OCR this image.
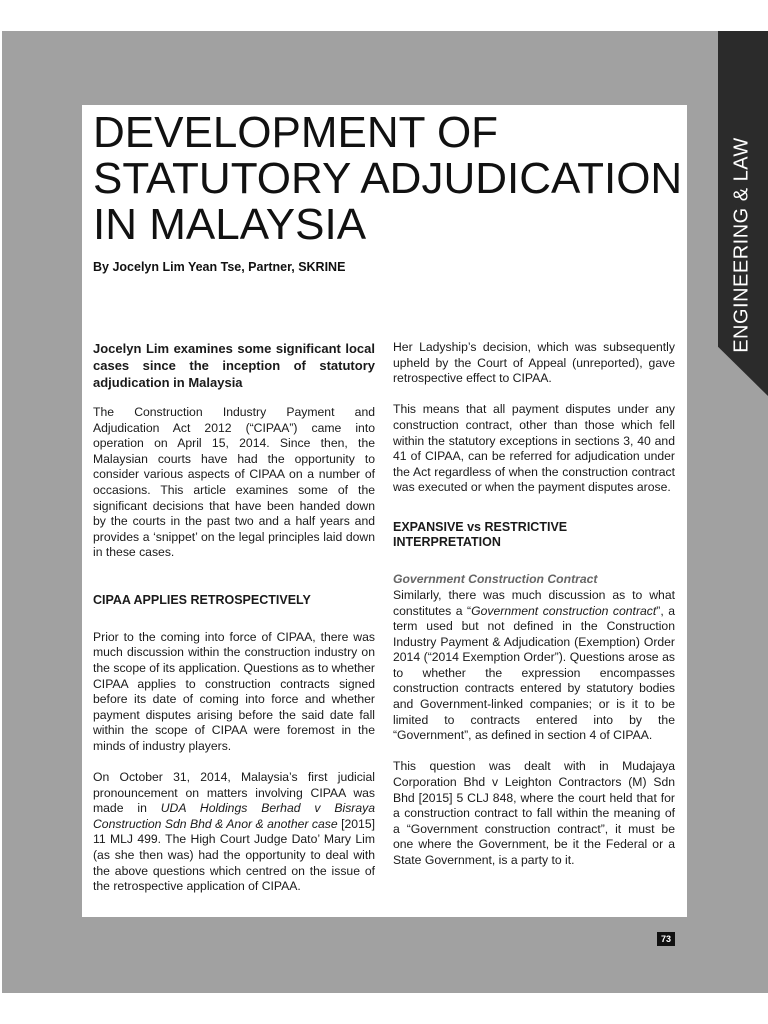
ENGINEERING & LAW
DEVELOPMENT OF
STATUTORY ADJUDICATION
IN MALAYSIA
By Jocelyn Lim Yean Tse, Partner, SKRINE

Jocelyn Lim examines some significant local cases since the inception of statutory adjudication in Malaysia

The Construction Industry Payment and Adjudication Act 2012 (“CIPAA”) came into operation on April 15, 2014. Since then, the Malaysian courts have had the opportunity to consider various aspects of CIPAA on a number of occasions. This article examines some of the significant decisions that have been handed down by the courts in the past two and a half years and provides a ‘snippet’ on the legal principles laid down in these cases.

CIPAA APPLIES RETROSPECTIVELY

Prior to the coming into force of CIPAA, there was much discussion within the construction industry on the scope of its application. Questions as to whether CIPAA applies to construction contracts signed before its date of coming into force and whether payment disputes arising before the said date fall within the scope of CIPAA were foremost in the minds of industry players.

On October 31, 2014, Malaysia’s first judicial pronouncement on matters involving CIPAA was made in UDA Holdings Berhad v Bisraya Construction Sdn Bhd & Anor & another case [2015] 11 MLJ 499. The High Court Judge Dato’ Mary Lim (as she then was) had the opportunity to deal with the above questions which centred on the issue of the retrospective application of CIPAA.

Her Ladyship’s decision, which was subsequently upheld by the Court of Appeal (unreported), gave retrospective effect to CIPAA.

This means that all payment disputes under any construction contract, other than those which fell within the statutory exceptions in sections 3, 40 and 41 of CIPAA, can be referred for adjudication under the Act regardless of when the construction contract was executed or when the payment disputes arose.

EXPANSIVE vs RESTRICTIVE
INTERPRETATION

Government Construction Contract

Similarly, there was much discussion as to what constitutes a “Government construction contract”, a term used but not defined in the Construction Industry Payment & Adjudication (Exemption) Order 2014 (“2014 Exemption Order”). Questions arose as to whether the expression encompasses construction contracts entered by statutory bodies and Government-linked companies; or is it to be limited to contracts entered into by the “Government”, as defined in section 4 of CIPAA.

This question was dealt with in Mudajaya Corporation Bhd v Leighton Contractors (M) Sdn Bhd [2015] 5 CLJ 848, where the court held that for a construction contract to fall within the meaning of a “Government construction contract”, it must be one where the Government, be it the Federal or a State Government, is a party to it.

73
